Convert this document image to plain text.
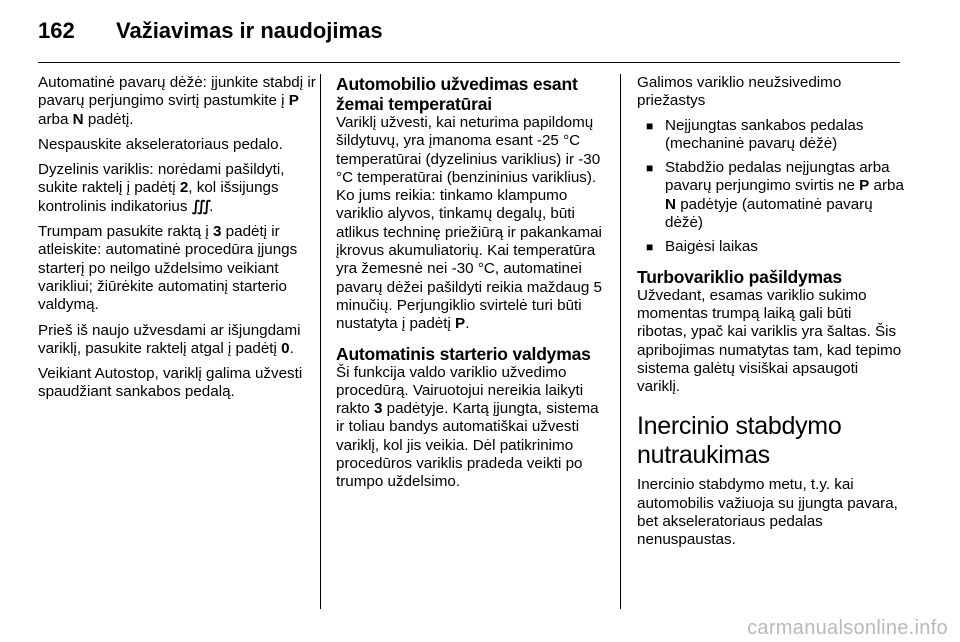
162 Važiavimas ir naudojimas

Automatinė pavarų dėžė: įjunkite stabdį ir pavarų perjungimo svirtį pastumkite į P arba N padėtį.

Nespauskite akseleratoriaus pedalo.

Dyzelinis variklis: norėdami pašildyti, sukite raktelį į padėtį 2, kol išsijungs kontrolinis indikatorius ∭.

Trumpam pasukite raktą į 3 padėtį ir atleiskite: automatinė procedūra įjungs starterį po neilgo uždelsimo veikiant varikliui; žiūrėkite automatinį starterio valdymą.

Prieš iš naujo užvesdami ar išjungdami variklį, pasukite raktelį atgal į padėtį 0.

Veikiant Autostop, variklį galima užvesti spaudžiant sankabos pedalą.

Automobilio užvedimas esant žemai temperatūrai

Variklį užvesti, kai neturima papildomų šildytuvų, yra įmanoma esant -25 °C temperatūrai (dyzelinius variklius) ir -30 °C temperatūrai (benzininius variklius). Ko jums reikia: tinkamo klampumo variklio alyvos, tinkamų degalų, būti atlikus techninę priežiūrą ir pakankamai įkrovus akumuliatorių. Kai temperatūra yra žemesnė nei -30 °C, automatinei pavarų dėžei pašildyti reikia maždaug 5 minučių. Perjungiklio svirtelė turi būti nustatyta į padėtį P.

Automatinis starterio valdymas

Ši funkcija valdo variklio užvedimo procedūrą. Vairuotojui nereikia laikyti rakto 3 padėtyje. Kartą įjungta, sistema ir toliau bandys automatiškai užvesti variklį, kol jis veikia. Dėl patikrinimo procedūros variklis pradeda veikti po trumpo uždelsimo.

Galimos variklio neužsivedimo priežastys

■ Neįjungtas sankabos pedalas (mechaninė pavarų dėžė)
■ Stabdžio pedalas neįjungtas arba pavarų perjungimo svirtis ne P arba N padėtyje (automatinė pavarų dėžė)
■ Baigėsi laikas
Turbovariklio pašildymas

Užvedant, esamas variklio sukimo momentas trumpą laiką gali būti ribotas, ypač kai variklis yra šaltas. Šis apribojimas numatytas tam, kad tepimo sistema galėtų visiškai apsaugoti variklį.

Inercinio stabdymo nutraukimas

Inercinio stabdymo metu, t.y. kai automobilis važiuoja su įjungta pavara, bet akseleratoriaus pedalas nenuspaustas.

carmanualsonline.info
